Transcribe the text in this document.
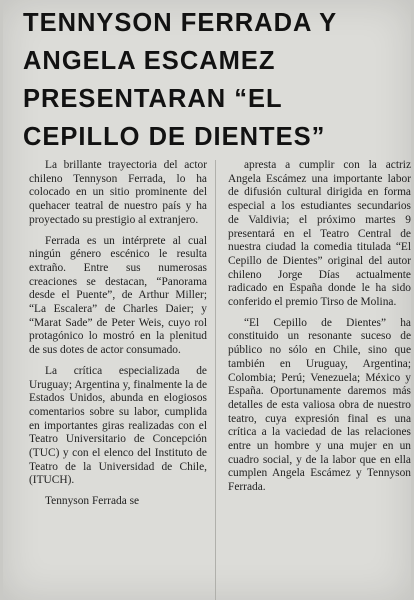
TENNYSON FERRADA Y
ANGELA ESCAMEZ
PRESENTARAN “EL
CEPILLO DE DIENTES”

La brillante trayectoria del actor chileno Tennyson Ferrada, lo ha colocado en un sitio prominente del quehacer teatral de nuestro país y ha proyectado su prestigio al extranjero.

Ferrada es un intérprete al cual ningún género escénico le resulta extraño. Entre sus numerosas creaciones se destacan, “Panorama desde el Puente”, de Arthur Miller; “La Escalera” de Charles Daier; y “Marat Sade” de Peter Weis, cuyo rol protagónico lo mostró en la plenitud de sus dotes de actor consumado.

La crítica especializada de Uruguay; Argentina y, finalmente la de Estados Unidos, abunda en elogiosos comentarios sobre su labor, cumplida en importantes giras realizadas con el Teatro Universitario de Concepción (TUC) y con el elenco del Instituto de Teatro de la Universidad de Chile, (ITUCH).

Tennyson Ferrada se

apresta a cumplir con la actriz Angela Escámez una importante labor de difusión cultural dirigida en forma especial a los estudiantes secundarios de Valdivia; el próximo martes 9 presentará en el Teatro Central de nuestra ciudad la comedia titulada “El Cepillo de Dientes” original del autor chileno Jorge Días actualmente radicado en España donde le ha sido conferido el premio Tirso de Molina.

“El Cepillo de Dientes” ha constituido un resonante suceso de público no sólo en Chile, sino que también en Uruguay, Argentina; Colombia; Perú; Venezuela; México y España. Oportunamente daremos más detalles de esta valiosa obra de nuestro teatro, cuya expresión final es una crítica a la vaciedad de las relaciones entre un hombre y una mujer en un cuadro social, y de la labor que en ella cumplen Angela Escámez y Tennyson Ferrada.
